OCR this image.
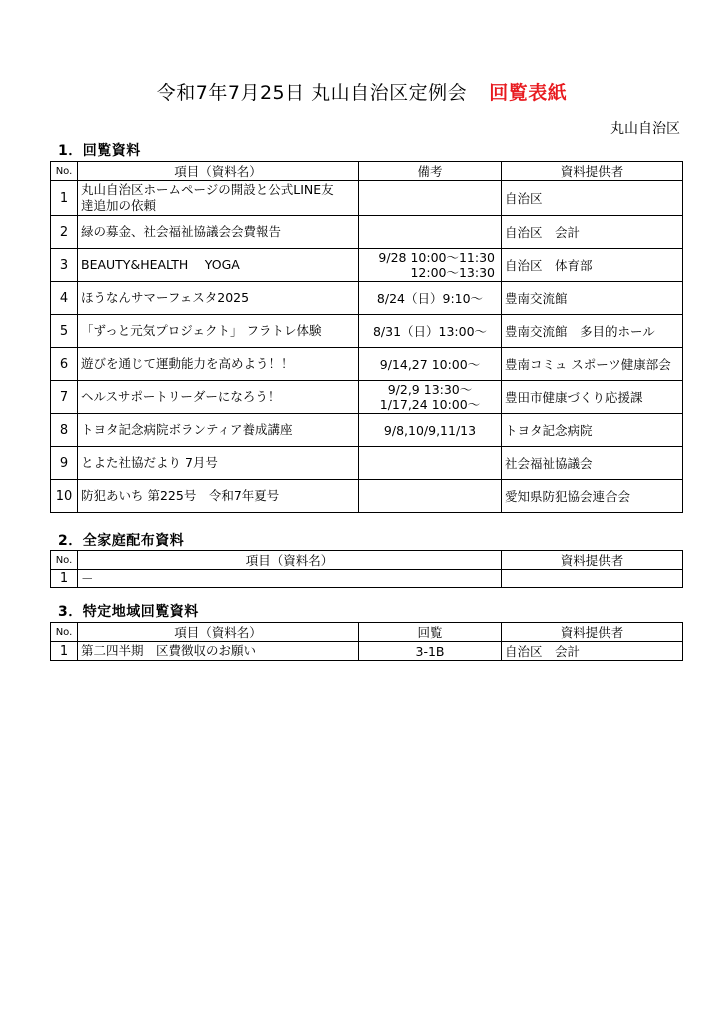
令和7年7月25日 丸山自治区定例会 回覧表紙
丸山自治区
1．回覧資料
No.	項目（資料名）	備考	資料提供者
1	丸山自治区ホームページの開設と公式LINE友
達追加の依頼		自治区
2	緑の募金、社会福祉協議会会費報告		自治区　会計
3	BEAUTY&HEALTH　 YOGA	9/28 10:00～11:30
12:00～13:30	自治区　体育部
4	ほうなんサマーフェスタ2025	8/24（日）9:10～	豊南交流館
5	「ずっと元気プロジェクト」 フラトレ体験	8/31（日）13:00～	豊南交流館　多目的ホール
6	遊びを通じて運動能力を高めよう！！	9/14,27 10:00～	豊南コミュ スポーツ健康部会
7	ヘルスサポートリーダーになろう！	9/2,9 13:30～
1/17,24 10:00～	豊田市健康づくり応援課
8	トヨタ記念病院ボランティア養成講座	9/8,10/9,11/13	トヨタ記念病院
9	とよた社協だより 7月号		社会福祉協議会
10	防犯あいち 第225号　令和7年夏号		愛知県防犯協会連合会
2．全家庭配布資料
No.	項目（資料名）	資料提供者
1	－	
3．特定地域回覧資料
No.	項目（資料名）	回覧	資料提供者
1	第二四半期　区費徴収のお願い	3-1B	自治区　会計
